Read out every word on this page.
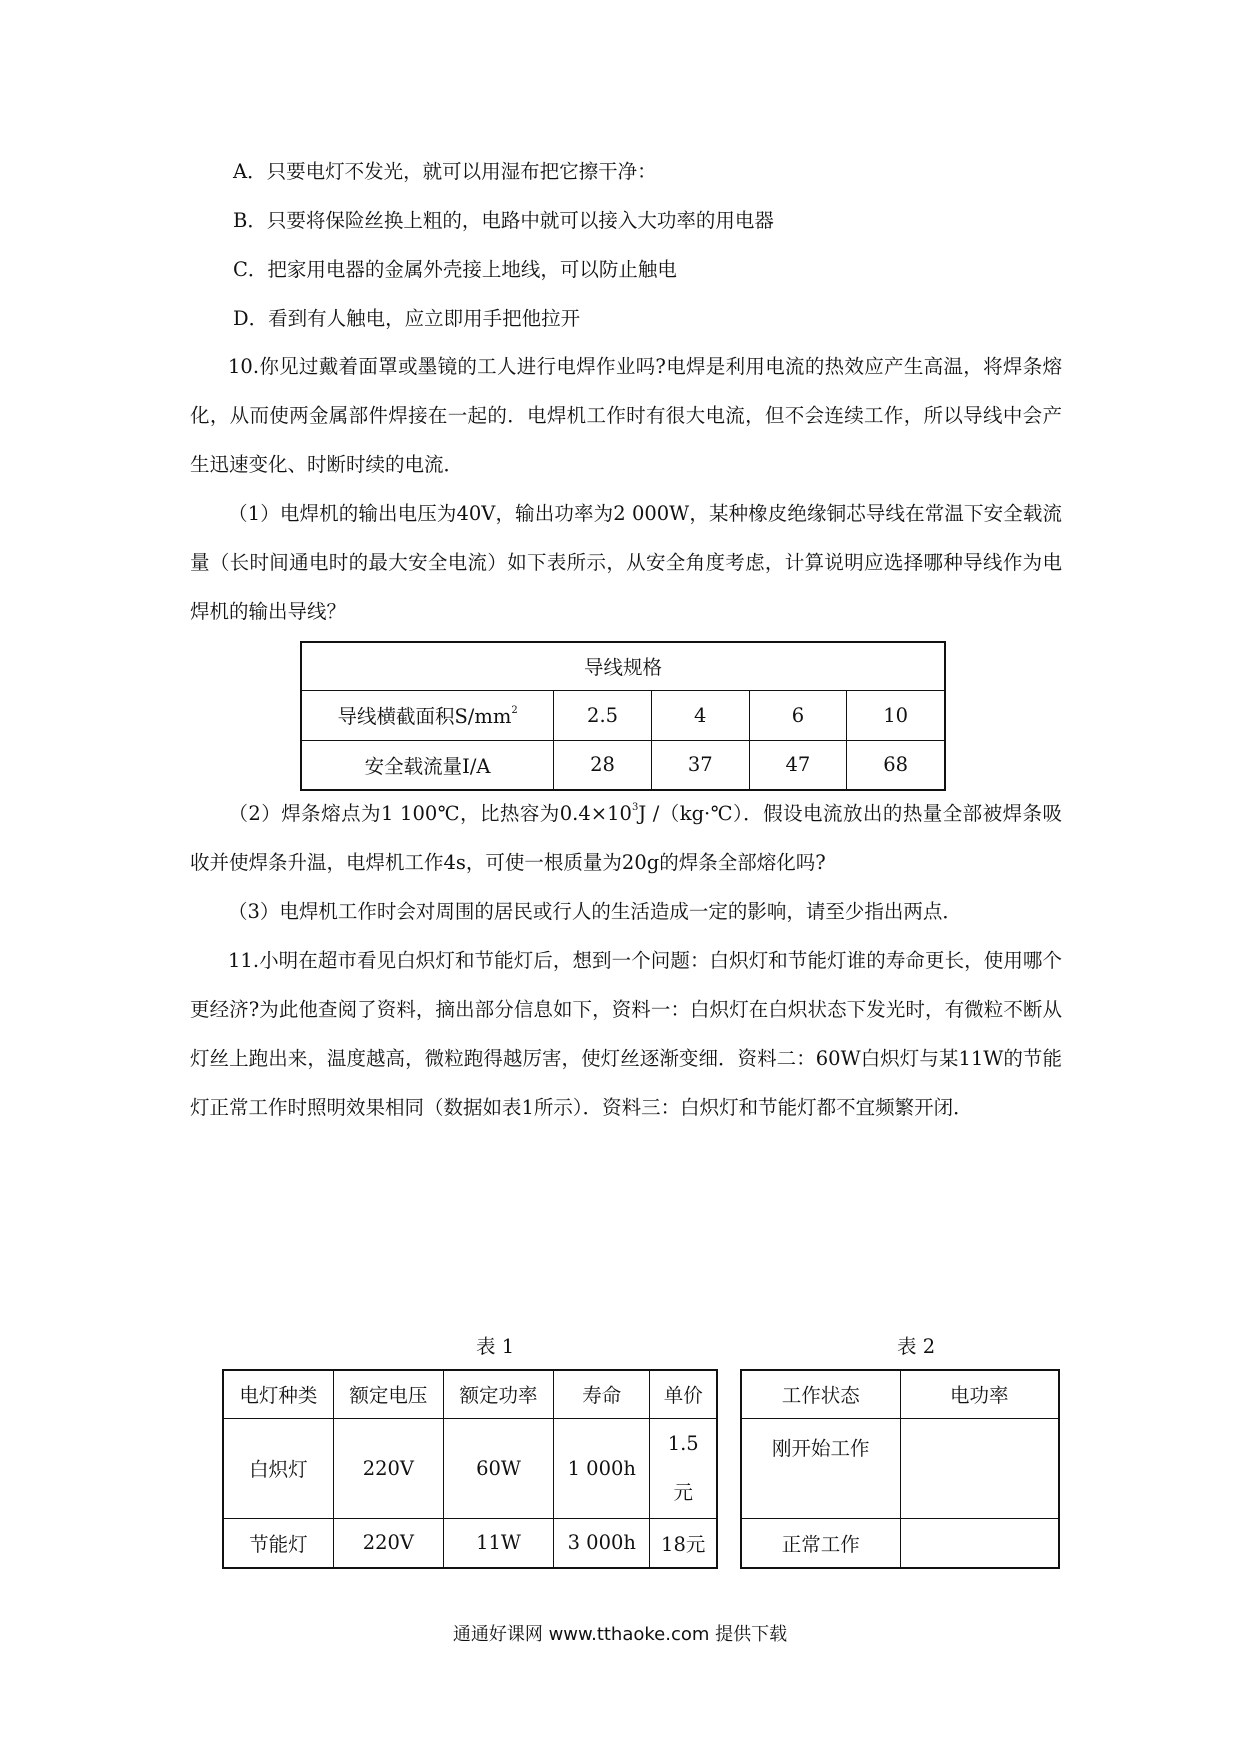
A．只要电灯不发光，就可以用湿布把它擦干净：
B．只要将保险丝换上粗的，电路中就可以接入大功率的用电器
C．把家用电器的金属外壳接上地线，可以防止触电
D．看到有人触电，应立即用手把他拉开
10.你见过戴着面罩或墨镜的工人进行电焊作业吗?电焊是利用电流的热效应产生高温，将焊条熔化，从而使两金属部件焊接在一起的．电焊机工作时有很大电流，但不会连续工作，所以导线中会产生迅速变化、时断时续的电流．
（1）电焊机的输出电压为40V，输出功率为2 000W，某种橡皮绝缘铜芯导线在常温下安全载流量（长时间通电时的最大安全电流）如下表所示，从安全角度考虑，计算说明应选择哪种导线作为电焊机的输出导线？
导线规格				
导线横截面积$S/mm^2$	2.5	4	6	10
安全载流量I/A	28	37	47	68
（2）焊条熔点为1 100℃，比热容为$0.4\times 10^3J$ /（kg·℃）．假设电流放出的热量全部被焊条吸收并使焊条升温，电焊机工作4s，可使一根质量为20g的焊条全部熔化吗?
（3）电焊机工作时会对周围的居民或行人的生活造成一定的影响，请至少指出两点．
11.小明在超市看见白炽灯和节能灯后，想到一个问题：白炽灯和节能灯谁的寿命更长，使用哪个更经济?为此他查阅了资料，摘出部分信息如下，资料一：白炽灯在白炽状态下发光时，有微粒不断从灯丝上跑出来，温度越高，微粒跑得越厉害，使灯丝逐渐变细．资料二：60W白炽灯与某11W的节能灯正常工作时照明效果相同（数据如表1所示）．资料三：白炽灯和节能灯都不宜频繁开闭．
表 1	表 2
电灯种类	额定电压	额定功率	寿命	单价
白炽灯	220V	60W	1 000h	1.5
元
节能灯	220V	11W	3 000h	18元
工作状态	电功率
刚开始工作	
正常工作	
通通好课网 www.tthaoke.com 提供下载
